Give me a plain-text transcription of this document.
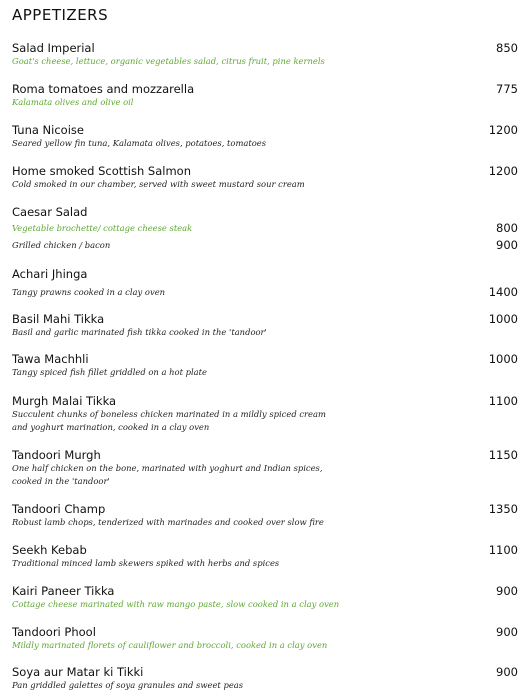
APPETIZERS
Salad Imperial	850
Goat's cheese, lettuce, organic vegetables salad, citrus fruit, pine kernels
Roma tomatoes and mozzarella	775
Kalamata olives and olive oil
Tuna Nicoise	1200
Seared yellow fin tuna, Kalamata olives, potatoes, tomatoes
Home smoked Scottish Salmon	1200
Cold smoked in our chamber, served with sweet mustard sour cream
Caesar Salad
Vegetable brochette/ cottage cheese steak	800
Grilled chicken / bacon	900
Achari Jhinga
Tangy prawns cooked in a clay oven	1400
Basil Mahi Tikka	1000
Basil and garlic marinated fish tikka cooked in the 'tandoor'
Tawa Machhli	1000
Tangy spiced fish fillet griddled on a hot plate
Murgh Malai Tikka	1100
Succulent chunks of boneless chicken marinated in a mildly spiced cream
and yoghurt marination, cooked in a clay oven
Tandoori Murgh	1150
One half chicken on the bone, marinated with yoghurt and Indian spices,
cooked in the 'tandoor'
Tandoori Champ	1350
Robust lamb chops, tenderized with marinades and cooked over slow fire
Seekh Kebab	1100
Traditional minced lamb skewers spiked with herbs and spices
Kairi Paneer Tikka	900
Cottage cheese marinated with raw mango paste, slow cooked in a clay oven
Tandoori Phool	900
Mildly marinated florets of cauliflower and broccoli, cooked in a clay oven
Soya aur Matar ki Tikki	900
Pan griddled galettes of soya granules and sweet peas
